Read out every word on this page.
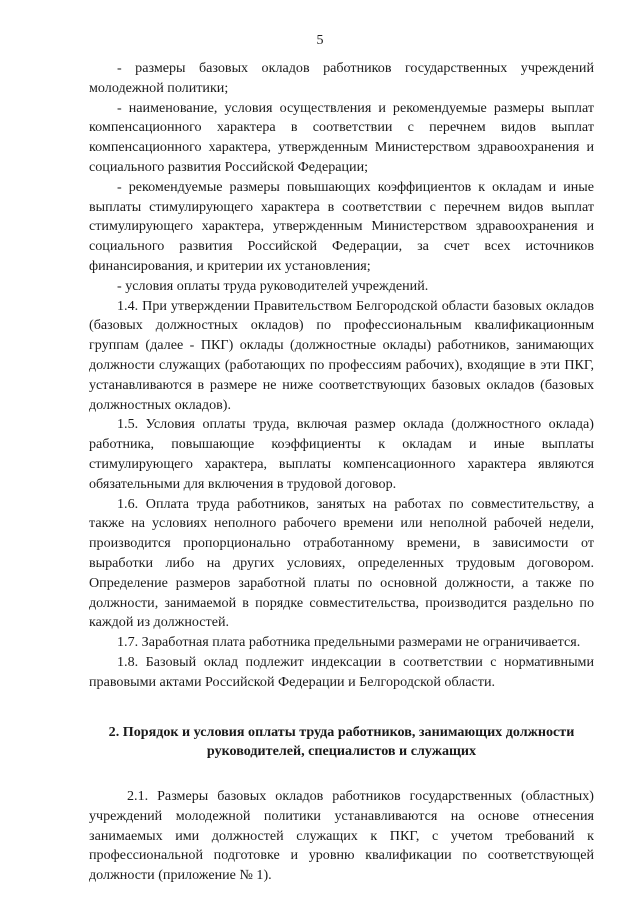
5

- размеры базовых окладов работников государственных учреждений молодежной политики;

- наименование, условия осуществления и рекомендуемые размеры выплат компенсационного характера в соответствии с перечнем видов выплат компенсационного характера, утвержденным Министерством здравоохранения и социального развития Российской Федерации;

- рекомендуемые размеры повышающих коэффициентов к окладам и иные выплаты стимулирующего характера в соответствии с перечнем видов выплат стимулирующего характера, утвержденным Министерством здравоохранения и социального развития Российской Федерации, за счет всех источников финансирования, и критерии их установления;

- условия оплаты труда руководителей учреждений.

1.4. При утверждении Правительством Белгородской области базовых окладов (базовых должностных окладов) по профессиональным квалификационным группам (далее - ПКГ) оклады (должностные оклады) работников, занимающих должности служащих (работающих по профессиям рабочих), входящие в эти ПКГ, устанавливаются в размере не ниже соответствующих базовых окладов (базовых должностных окладов).

1.5. Условия оплаты труда, включая размер оклада (должностного оклада) работника, повышающие коэффициенты к окладам и иные выплаты стимулирующего характера, выплаты компенсационного характера являются обязательными для включения в трудовой договор.

1.6. Оплата труда работников, занятых на работах по совместительству, а также на условиях неполного рабочего времени или неполной рабочей недели, производится пропорционально отработанному времени, в зависимости от выработки либо на других условиях, определенных трудовым договором. Определение размеров заработной платы по основной должности, а также по должности, занимаемой в порядке совместительства, производится раздельно по каждой из должностей.

1.7. Заработная плата работника предельными размерами не ограничивается.

1.8. Базовый оклад подлежит индексации в соответствии с нормативными правовыми актами Российской Федерации и Белгородской области.

2. Порядок и условия оплаты труда работников, занимающих должности руководителей, специалистов и служащих

2.1. Размеры базовых окладов работников государственных (областных) учреждений молодежной политики устанавливаются на основе отнесения занимаемых ими должностей служащих к ПКГ, с учетом требований к профессиональной подготовке и уровню квалификации по соответствующей должности (приложение № 1).
